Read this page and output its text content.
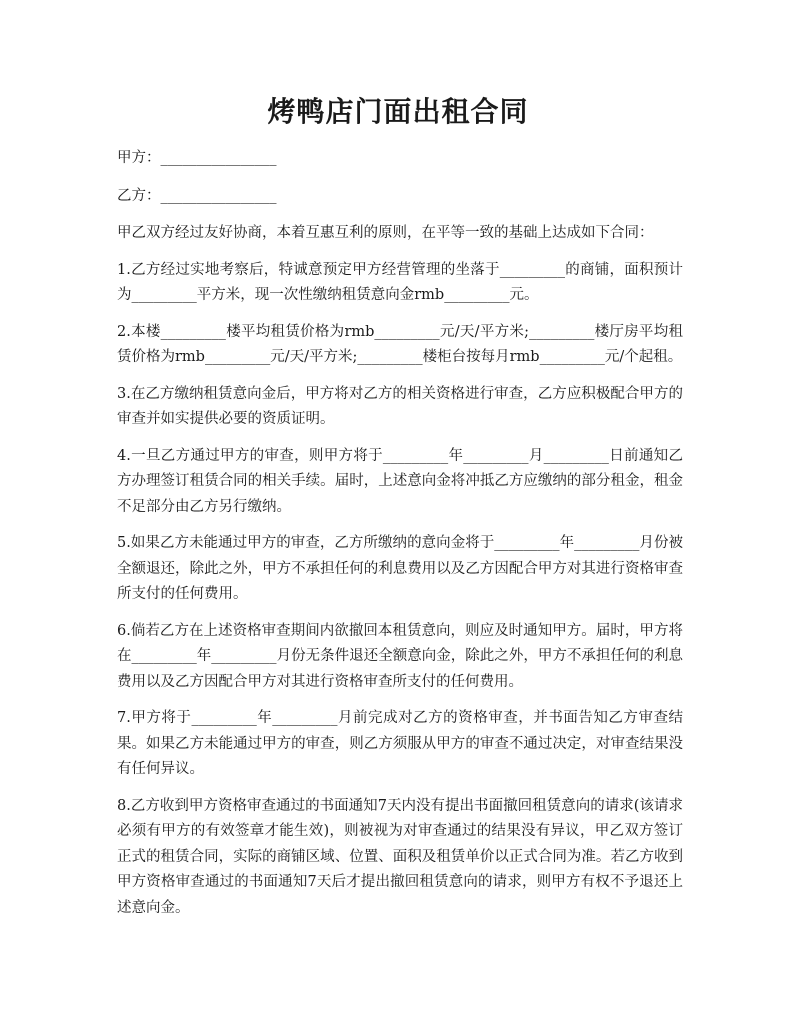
烤鸭店门面出租合同

甲方：________________

乙方：________________

甲乙双方经过友好协商，本着互惠互利的原则，在平等一致的基础上达成如下合同：

1.乙方经过实地考察后，特诚意预定甲方经营管理的坐落于_________的商铺，面积预计为_________平方米，现一次性缴纳租赁意向金rmb_________元。

2.本楼_________楼平均租赁价格为rmb_________元/天/平方米;_________楼厅房平均租赁价格为rmb_________元/天/平方米;_________楼柜台按每月rmb_________元/个起租。

3.在乙方缴纳租赁意向金后，甲方将对乙方的相关资格进行审查，乙方应积极配合甲方的审查并如实提供必要的资质证明。

4.一旦乙方通过甲方的审查，则甲方将于_________年_________月_________日前通知乙方办理签订租赁合同的相关手续。届时，上述意向金将冲抵乙方应缴纳的部分租金，租金不足部分由乙方另行缴纳。

5.如果乙方未能通过甲方的审查，乙方所缴纳的意向金将于_________年_________月份被全额退还，除此之外，甲方不承担任何的利息费用以及乙方因配合甲方对其进行资格审查所支付的任何费用。

6.倘若乙方在上述资格审查期间内欲撤回本租赁意向，则应及时通知甲方。届时，甲方将在_________年_________月份无条件退还全额意向金，除此之外，甲方不承担任何的利息费用以及乙方因配合甲方对其进行资格审查所支付的任何费用。

7.甲方将于_________年_________月前完成对乙方的资格审查，并书面告知乙方审查结果。如果乙方未能通过甲方的审查，则乙方须服从甲方的审查不通过决定，对审查结果没有任何异议。

8.乙方收到甲方资格审查通过的书面通知7天内没有提出书面撤回租赁意向的请求(该请求必须有甲方的有效签章才能生效)，则被视为对审查通过的结果没有异议，甲乙双方签订正式的租赁合同，实际的商铺区域、位置、面积及租赁单价以正式合同为准。若乙方收到甲方资格审查通过的书面通知7天后才提出撤回租赁意向的请求，则甲方有权不予退还上述意向金。
